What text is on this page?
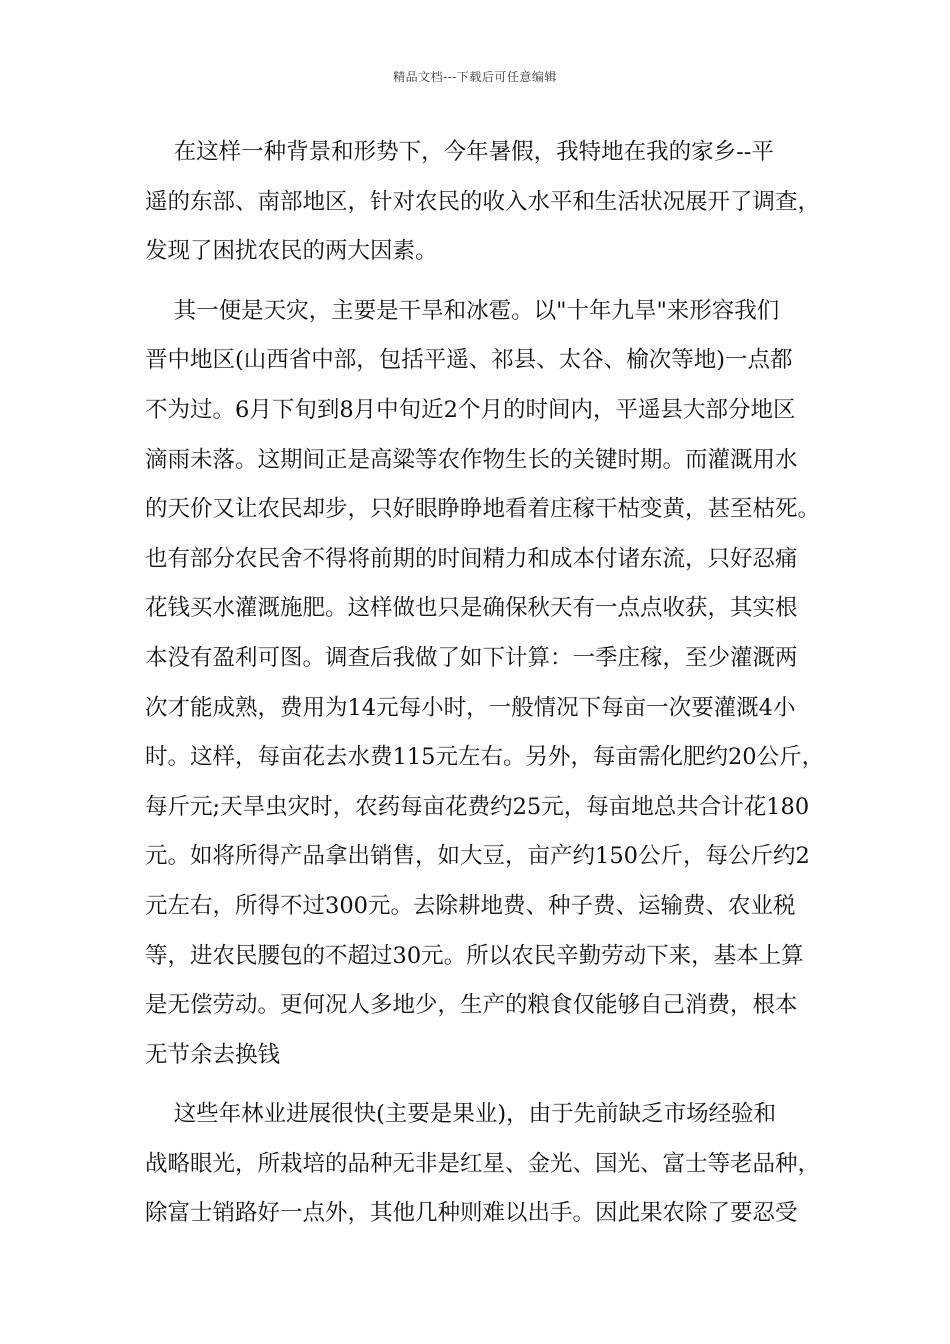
精品文档---下载后可任意编辑
在这样一种背景和形势下，今年暑假，我特地在我的家乡--平
遥的东部、南部地区，针对农民的收入水平和生活状况展开了调查，
发现了困扰农民的两大因素。
其一便是天灾，主要是干旱和冰雹。以"十年九旱"来形容我们
晋中地区(山西省中部，包括平遥、祁县、太谷、榆次等地)一点都
不为过。6月下旬到8月中旬近2个月的时间内，平遥县大部分地区
滴雨未落。这期间正是高粱等农作物生长的关键时期。而灌溉用水
的天价又让农民却步，只好眼睁睁地看着庄稼干枯变黄，甚至枯死。
也有部分农民舍不得将前期的时间精力和成本付诸东流，只好忍痛
花钱买水灌溉施肥。这样做也只是确保秋天有一点点收获，其实根
本没有盈利可图。调查后我做了如下计算：一季庄稼，至少灌溉两
次才能成熟，费用为14元每小时，一般情况下每亩一次要灌溉4小
时。这样，每亩花去水费115元左右。另外，每亩需化肥约20公斤，
每斤元;天旱虫灾时，农药每亩花费约25元，每亩地总共合计花180
元。如将所得产品拿出销售，如大豆，亩产约150公斤，每公斤约2
元左右，所得不过300元。去除耕地费、种子费、运输费、农业税
等，进农民腰包的不超过30元。所以农民辛勤劳动下来，基本上算
是无偿劳动。更何况人多地少，生产的粮食仅能够自己消费，根本
无节余去换钱
这些年林业进展很快(主要是果业)，由于先前缺乏市场经验和
战略眼光，所栽培的品种无非是红星、金光、国光、富士等老品种，
除富士销路好一点外，其他几种则难以出手。因此果农除了要忍受
